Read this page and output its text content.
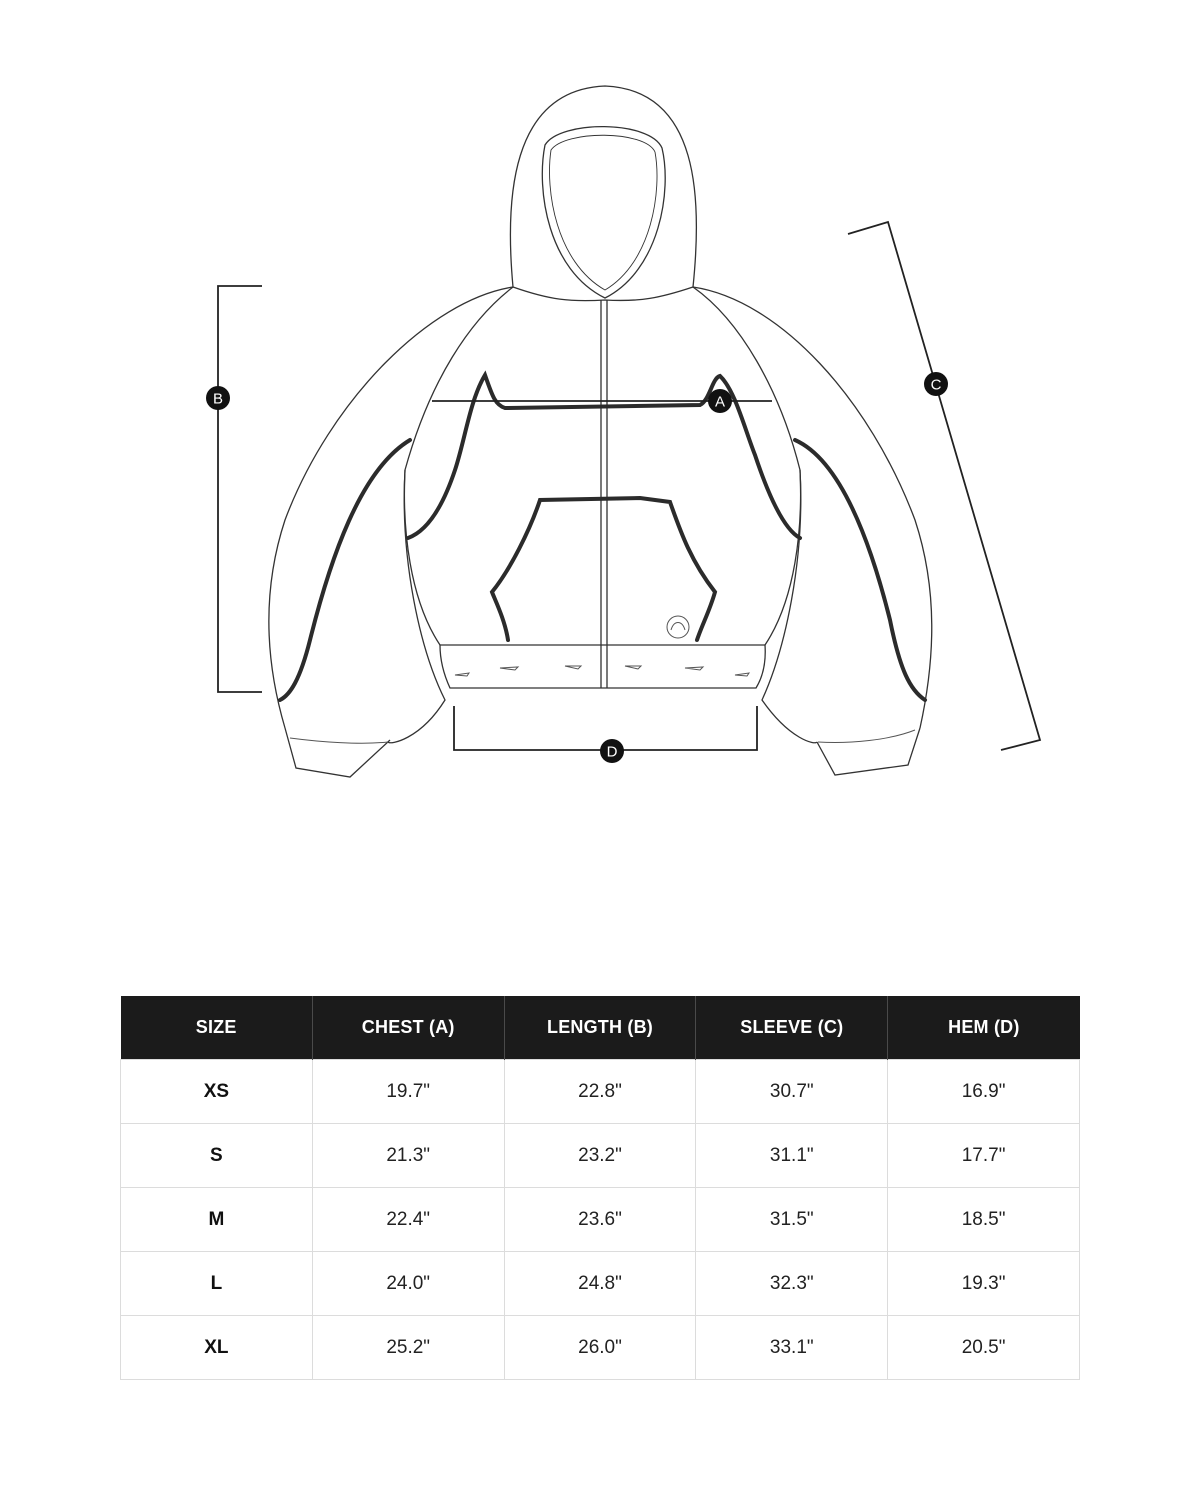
A
B
C
D
SIZE	CHEST (A)	LENGTH (B)	SLEEVE (C)	HEM (D)
XS	19.7"	22.8"	30.7"	16.9"
S	21.3"	23.2"	31.1"	17.7"
M	22.4"	23.6"	31.5"	18.5"
L	24.0"	24.8"	32.3"	19.3"
XL	25.2"	26.0"	33.1"	20.5"
